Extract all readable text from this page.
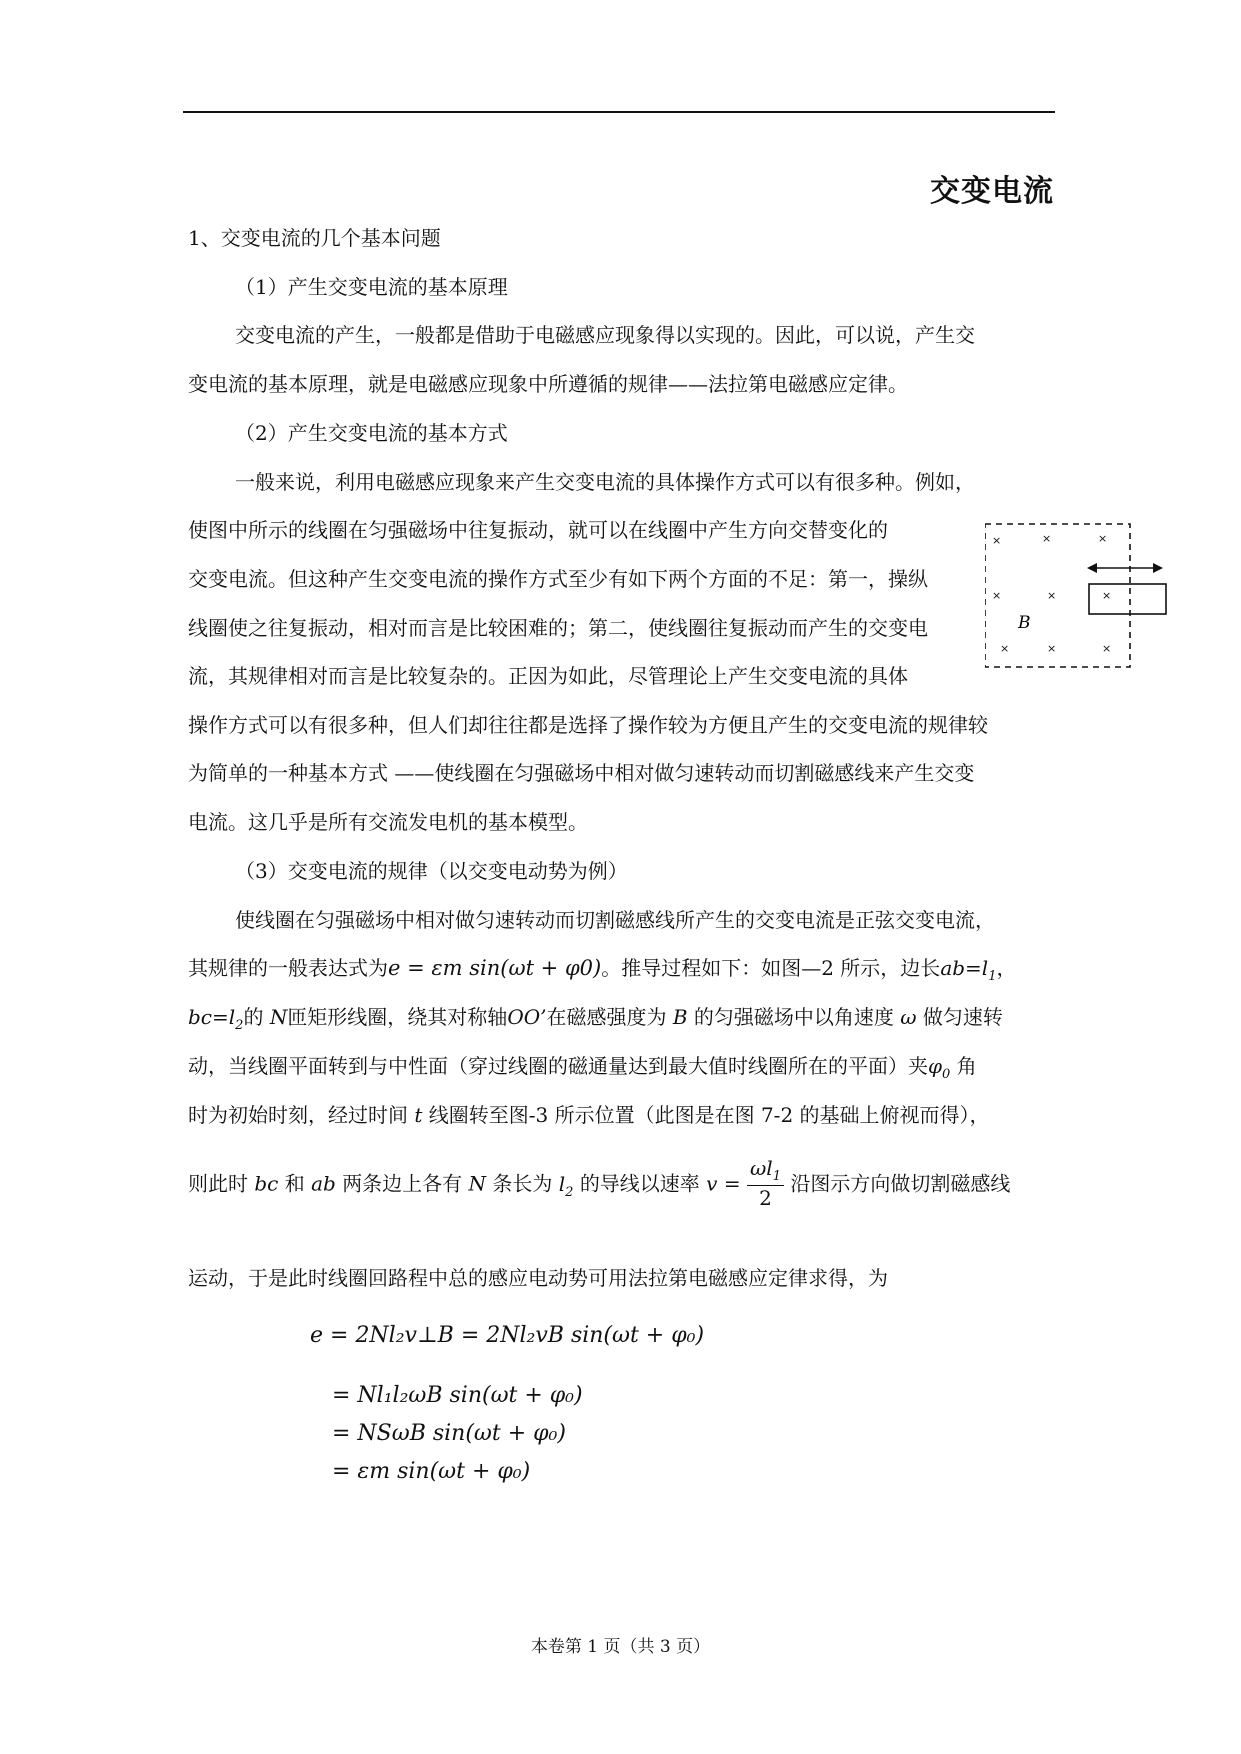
交变电流
1、交变电流的几个基本问题
（1）产生交变电流的基本原理
交变电流的产生，一般都是借助于电磁感应现象得以实现的。因此，可以说，产生交
变电流的基本原理，就是电磁感应现象中所遵循的规律——法拉第电磁感应定律。
（2）产生交变电流的基本方式
一般来说，利用电磁感应现象来产生交变电流的具体操作方式可以有很多种。例如，
使图中所示的线圈在匀强磁场中往复振动，就可以在线圈中产生方向交替变化的
交变电流。但这种产生交变电流的操作方式至少有如下两个方面的不足：第一，操纵
线圈使之往复振动，相对而言是比较困难的；第二，使线圈往复振动而产生的交变电
流，其规律相对而言是比较复杂的。正因为如此，尽管理论上产生交变电流的具体
操作方式可以有很多种，但人们却往往都是选择了操作较为方便且产生的交变电流的规律较
为简单的一种基本方式 ——使线圈在匀强磁场中相对做匀速转动而切割磁感线来产生交变
电流。这几乎是所有交流发电机的基本模型。
（3）交变电流的规律（以交变电动势为例）
使线圈在匀强磁场中相对做匀速转动而切割磁感线所产生的交变电流是正弦交变电流，
其规律的一般表达式为e = εm sin(ωt + φ0)。推导过程如下：如图—2 所示，边长$ab=l_1$，
$bc=l_2$的 N匝矩形线圈，绕其对称轴OO’在磁感强度为 B 的匀强磁场中以角速度 ω 做匀速转
动，当线圈平面转到与中性面（穿过线圈的磁通量达到最大值时线圈所在的平面）夹$\varphi_0$ 角
时为初始时刻，经过时间 t 线圈转至图-3 所示位置（此图是在图 7-2 的基础上俯视而得），
则此时 bc 和 ab 两条边上各有 N 条长为 $l_2$ 的导线以速率 $v = \frac{\omega l_1}{2}$ 沿图示方向做切割磁感线
运动，于是此时线圈回路程中总的感应电动势可用法拉第电磁感应定律求得，为
e = 2Nl₂v⊥B = 2Nl₂vB sin(ωt + φ₀)
= Nl₁l₂ωB sin(ωt + φ₀)
= NSωB sin(ωt + φ₀)
= εm sin(ωt + φ₀)
×	×	×
×	×	×
×	×	×
B
本卷第 1 页（共 3 页）
